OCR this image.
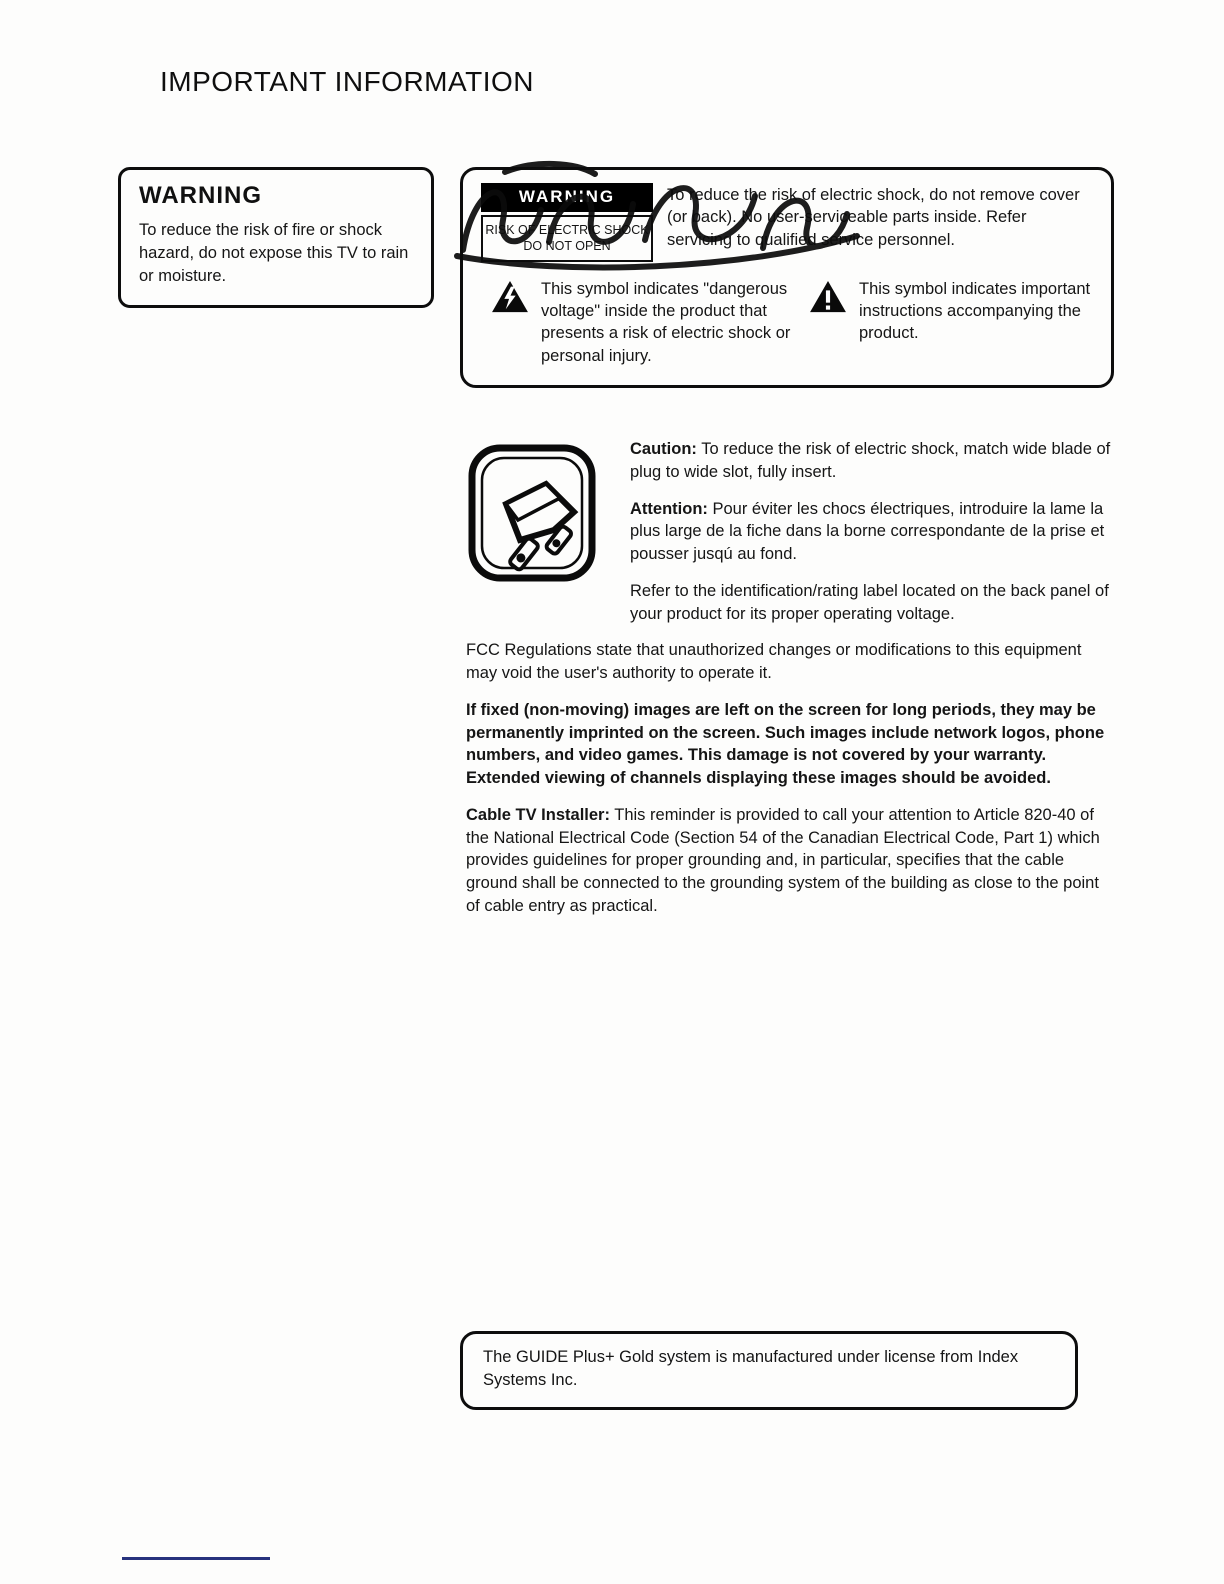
IMPORTANT INFORMATION
WARNING

To reduce the risk of fire or shock hazard, do not expose this TV to rain or moisture.

WARNING
RISK OF ELECTRIC SHOCK DO NOT OPEN
To reduce the risk of electric shock, do not remove cover (or back). No user-serviceable parts inside. Refer servicing to qualified service personnel.
This symbol indicates "dangerous voltage" inside the product that presents a risk of electric shock or personal injury.
This symbol indicates important instructions accompanying the product.

Caution: To reduce the risk of electric shock, match wide blade of plug to wide slot, fully insert.

Attention: Pour éviter les chocs électriques, introduire la lame la plus large de la fiche dans la borne correspondante de la prise et pousser jusqú au fond.

Refer to the identification/rating label located on the back panel of your product for its proper operating voltage.

FCC Regulations state that unauthorized changes or modifications to this equipment may void the user's authority to operate it.

If fixed (non-moving) images are left on the screen for long periods, they may be permanently imprinted on the screen. Such images include network logos, phone numbers, and video games. This damage is not covered by your warranty. Extended viewing of channels displaying these images should be avoided.

Cable TV Installer: This reminder is provided to call your attention to Article 820-40 of the National Electrical Code (Section 54 of the Canadian Electrical Code, Part 1) which provides guidelines for proper grounding and, in particular, specifies that the cable ground shall be connected to the grounding system of the building as close to the point of cable entry as practical.

The GUIDE Plus+ Gold system is manufactured under license from Index Systems Inc.
